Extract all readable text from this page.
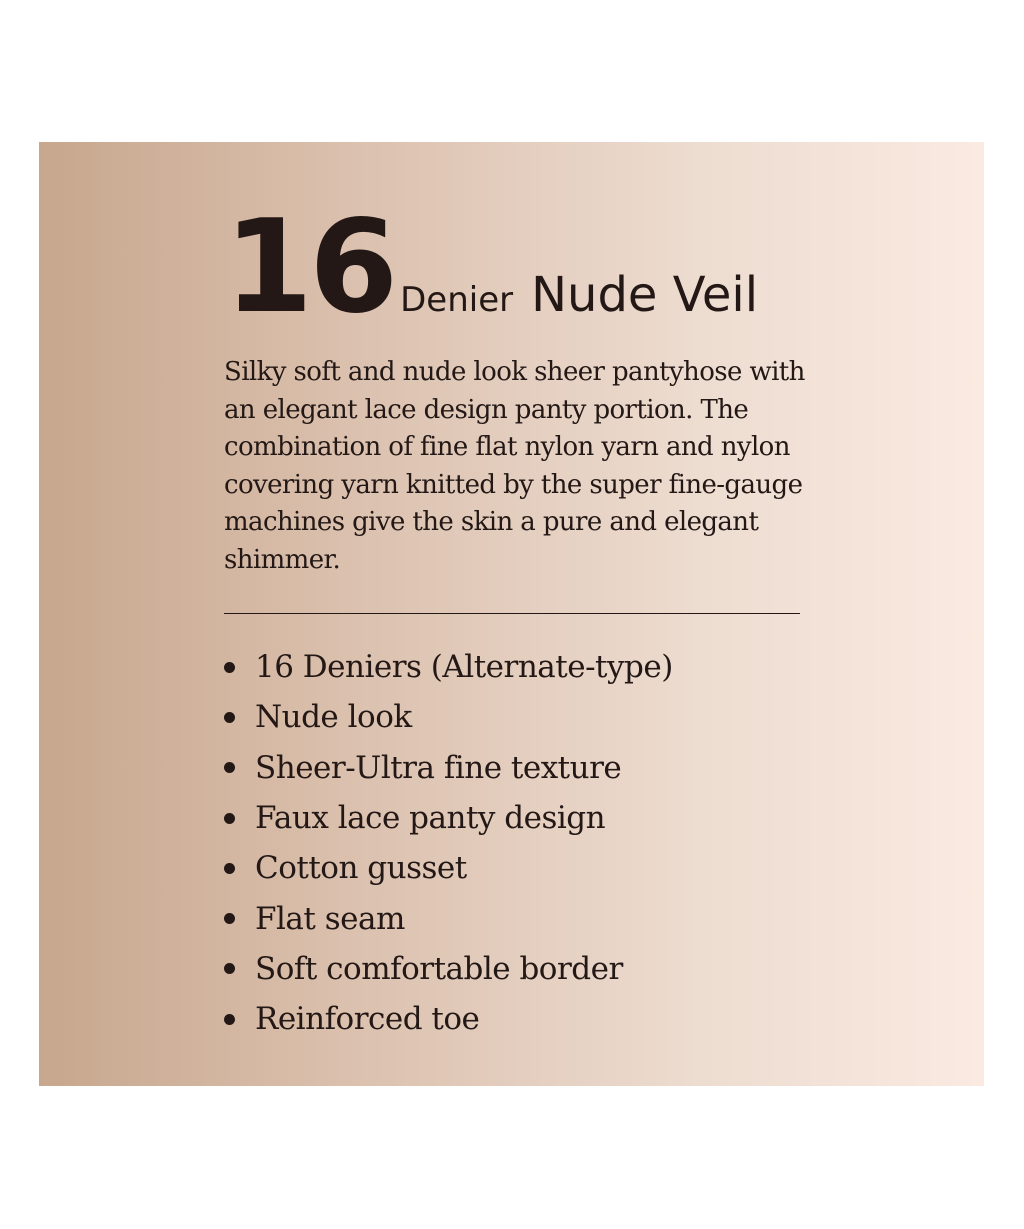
16 Denier Nude Veil

Silky soft and nude look sheer pantyhose with an elegant lace design panty portion. The combination of fine flat nylon yarn and nylon covering yarn knitted by the super fine-gauge machines give the skin a pure and elegant shimmer.

16 Deniers (Alternate-type)
Nude look
Sheer-Ultra fine texture
Faux lace panty design
Cotton gusset
Flat seam
Soft comfortable border
Reinforced toe
